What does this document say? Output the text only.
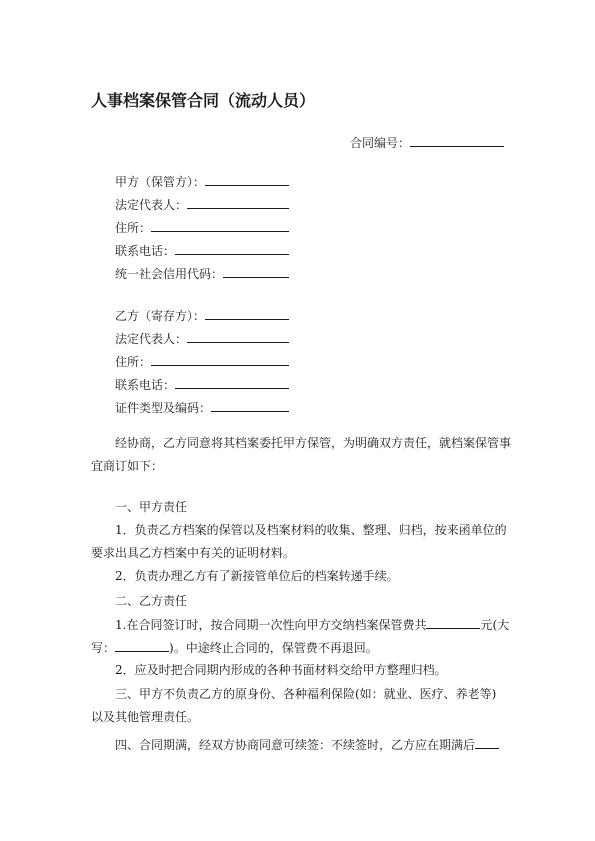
人事档案保管合同（流动人员）
合同编号：
甲方（保管方）：
法定代表人：
住所：
联系电话：
统一社会信用代码：
乙方（寄存方）：
法定代表人：
住所：
联系电话：
证件类型及编码：
经协商，乙方同意将其档案委托甲方保管，为明确双方责任，就档案保管事
宜商订如下：
一、甲方责任
1．负责乙方档案的保管以及档案材料的收集、整理、归档，按来函单位的
要求出具乙方档案中有关的证明材料。
2．负责办理乙方有了新接管单位后的档案转递手续。
二、乙方责任
1.在合同签订时，按合同期一次性向甲方交纳档案保管费共	元(大
写：	)。中途终止合同的，保管费不再退回。
2．应及时把合同期内形成的各种书面材料交给甲方整理归档。
三、甲方不负责乙方的原身份、各种福利保险(如：就业、医疗、养老等)
以及其他管理责任。
四、合同期满，经双方协商同意可续签：不续签时，乙方应在期满后
